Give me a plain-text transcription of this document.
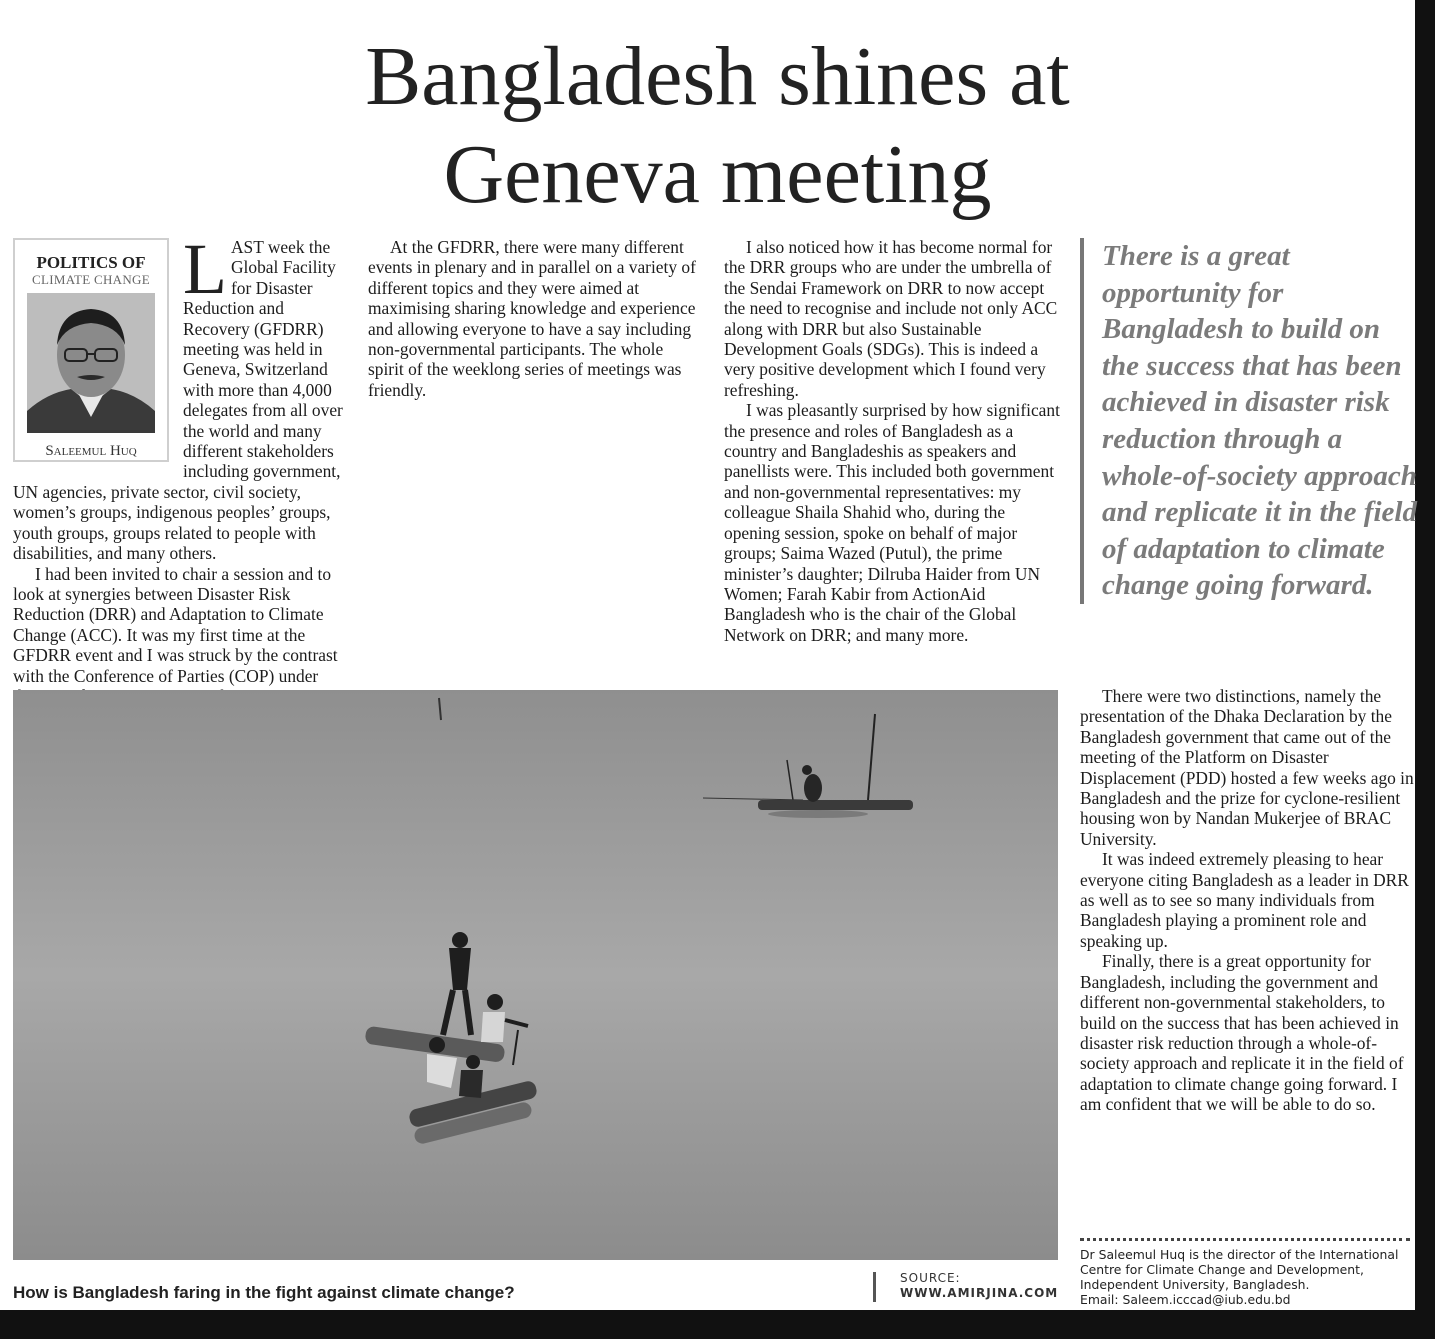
Bangladesh shines at
Geneva meeting
POLITICS OF
CLIMATE CHANGE
Saleemul Huq
L AST week the Global Facility for Disaster Reduction and Recovery (GFDRR) meeting was held in Geneva, Switzerland with more than 4,000 delegates from all over the world and many different stakeholders including government, UN agencies, private sector, civil society, women’s groups, indigenous peoples’ groups, youth groups, groups related to people with disabilities, and many others.

I had been invited to chair a session and to look at synergies between Disaster Risk Reduction (DRR) and Adaptation to Climate Change (ACC). It was my first time at the GFDRR event and I was struck by the contrast with the Conference of Parties (COP) under

At the GFDRR, there were many different events in plenary and in parallel on a variety of different topics and they were aimed at maximising sharing knowledge and experience and allowing everyone to have a say including non-governmental participants. The whole spirit of the weeklong series of meetings was friendly.

I also noticed how it has become normal for the DRR groups who are under the umbrella of the Sendai Framework on DRR to now accept the need to recognise and include not only ACC along with DRR but also Sustainable Development Goals (SDGs). This is indeed a very positive development which I found very refreshing.

I was pleasantly surprised by how significant the presence and roles of Bangladesh as a country and Bangladeshis as speakers and panellists were. This included both government and non-governmental representatives: my colleague Shaila Shahid who, during the opening session, spoke on behalf of major groups; Saima Wazed (Putul), the prime minister’s daughter; Dilruba Haider from UN Women; Farah Kabir from ActionAid Bangladesh who is the chair of the Global Network on DRR; and many more.

There is a great opportunity for Bangladesh to build on the success that has been achieved in disaster risk reduction through a whole-of-society approach and replicate it in the field of adaptation to climate change going forward.

There were two distinctions, namely the presentation of the Dhaka Declaration by the Bangladesh government that came out of the meeting of the Platform on Disaster Displacement (PDD) hosted a few weeks ago in Bangladesh and the prize for cyclone-resilient housing won by Nandan Mukerjee of BRAC University.

It was indeed extremely pleasing to hear everyone citing Bangladesh as a leader in DRR as well as to see so many individuals from Bangladesh playing a prominent role and speaking up.

Finally, there is a great opportunity for Bangladesh, including the government and different non-governmental stakeholders, to build on the success that has been achieved in disaster risk reduction through a whole-of-society approach and replicate it in the field of adaptation to climate change going forward. I am confident that we will be able to do so.

How is Bangladesh faring in the fight against climate change?
SOURCE:
WWW.AMIRJINA.COM
Dr Saleemul Huq is the director of the International Centre for Climate Change and Development, Independent University, Bangladesh.
Email: Saleem.icccad@iub.edu.bd
